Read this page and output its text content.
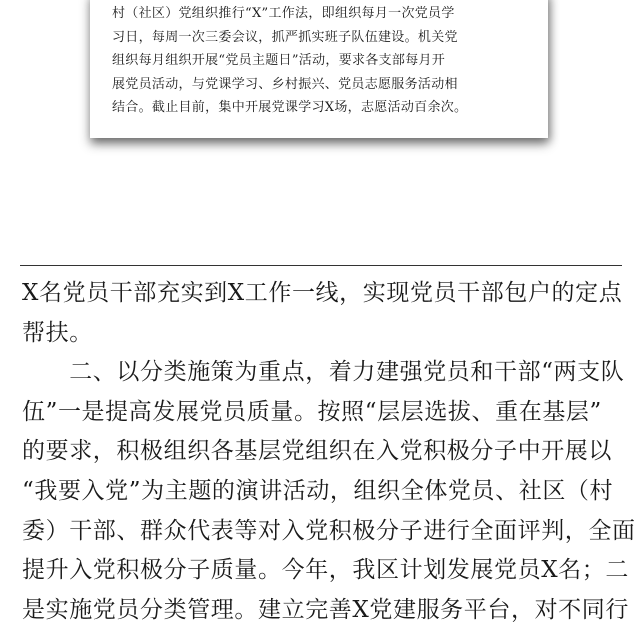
村（社区）党组织推行“X”工作法，即组织每月一次党员学
习日，每周一次三委会议，抓严抓实班子队伍建设。机关党
组织每月组织开展“党员主题日”活动，要求各支部每月开
展党员活动，与党课学习、乡村振兴、党员志愿服务活动相
结合。截止目前，集中开展党课学习X场，志愿活动百余次。
X名党员干部充实到X工作一线，实现党员干部包户的定点
帮扶。
　　二、以分类施策为重点，着力建强党员和干部“两支队
伍”一是提高发展党员质量。按照“层层选拔、重在基层”
的要求，积极组织各基层党组织在入党积极分子中开展以
“我要入党”为主题的演讲活动，组织全体党员、社区（村
委）干部、群众代表等对入党积极分子进行全面评判，全面
提升入党积极分子质量。今年，我区计划发展党员X名；二
是实施党员分类管理。建立完善X党建服务平台，对不同行
